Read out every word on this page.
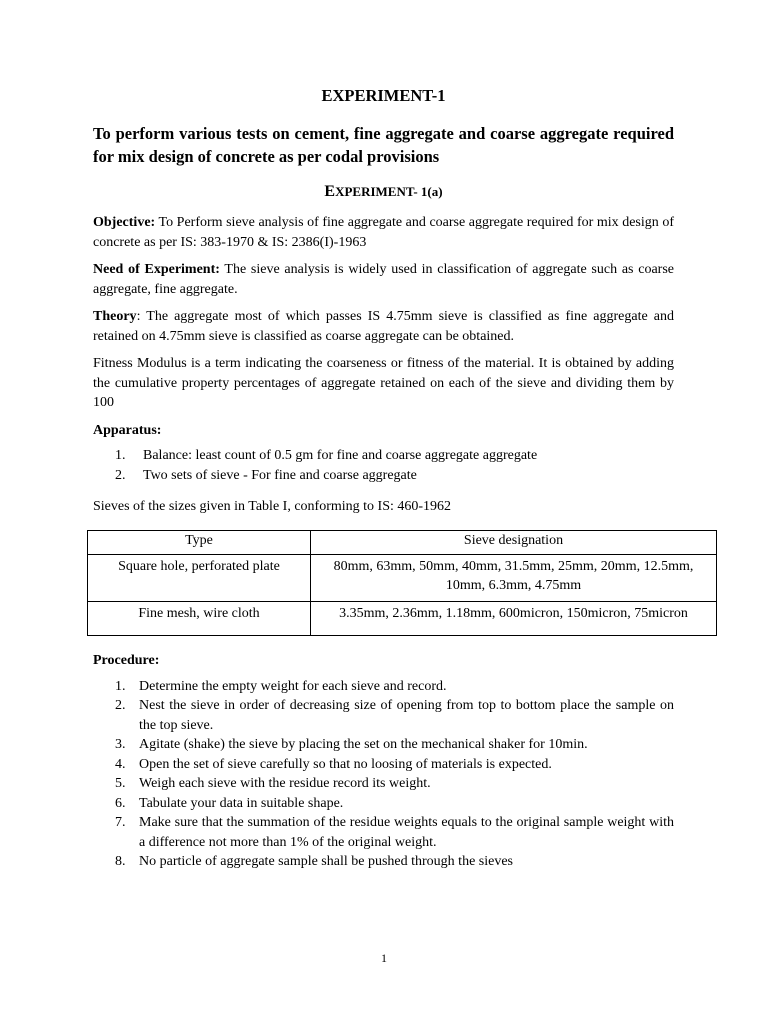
EXPERIMENT-1
To perform various tests on cement, fine aggregate and coarse aggregate required for mix design of concrete as per codal provisions
EXPERIMENT- 1(a)

Objective: To Perform sieve analysis of fine aggregate and coarse aggregate required for mix design of concrete as per IS: 383-1970 & IS: 2386(I)-1963

Need of Experiment: The sieve analysis is widely used in classification of aggregate such as coarse aggregate, fine aggregate.

Theory: The aggregate most of which passes IS 4.75mm sieve is classified as fine aggregate and retained on 4.75mm sieve is classified as coarse aggregate can be obtained.

Fitness Modulus is a term indicating the coarseness or fitness of the material. It is obtained by adding the cumulative property percentages of aggregate retained on each of the sieve and dividing them by 100

Apparatus:

1. Balance: least count of 0.5 gm for fine and coarse aggregate aggregate
2. Two sets of sieve - For fine and coarse aggregate

Sieves of the sizes given in Table I, conforming to IS: 460-1962

Type	Sieve designation
Square hole, perforated plate	80mm, 63mm, 50mm, 40mm, 31.5mm, 25mm, 20mm, 12.5mm, 10mm, 6.3mm, 4.75mm
Fine mesh, wire cloth	3.35mm, 2.36mm, 1.18mm, 600micron, 150micron, 75micron

Procedure:

1. Determine the empty weight for each sieve and record.
2. Nest the sieve in order of decreasing size of opening from top to bottom place the sample on the top sieve.
3. Agitate (shake) the sieve by placing the set on the mechanical shaker for 10min.
4. Open the set of sieve carefully so that no loosing of materials is expected.
5. Weigh each sieve with the residue record its weight.
6. Tabulate your data in suitable shape.
7. Make sure that the summation of the residue weights equals to the original sample weight with a difference not more than 1% of the original weight.
8. No particle of aggregate sample shall be pushed through the sieves
1
